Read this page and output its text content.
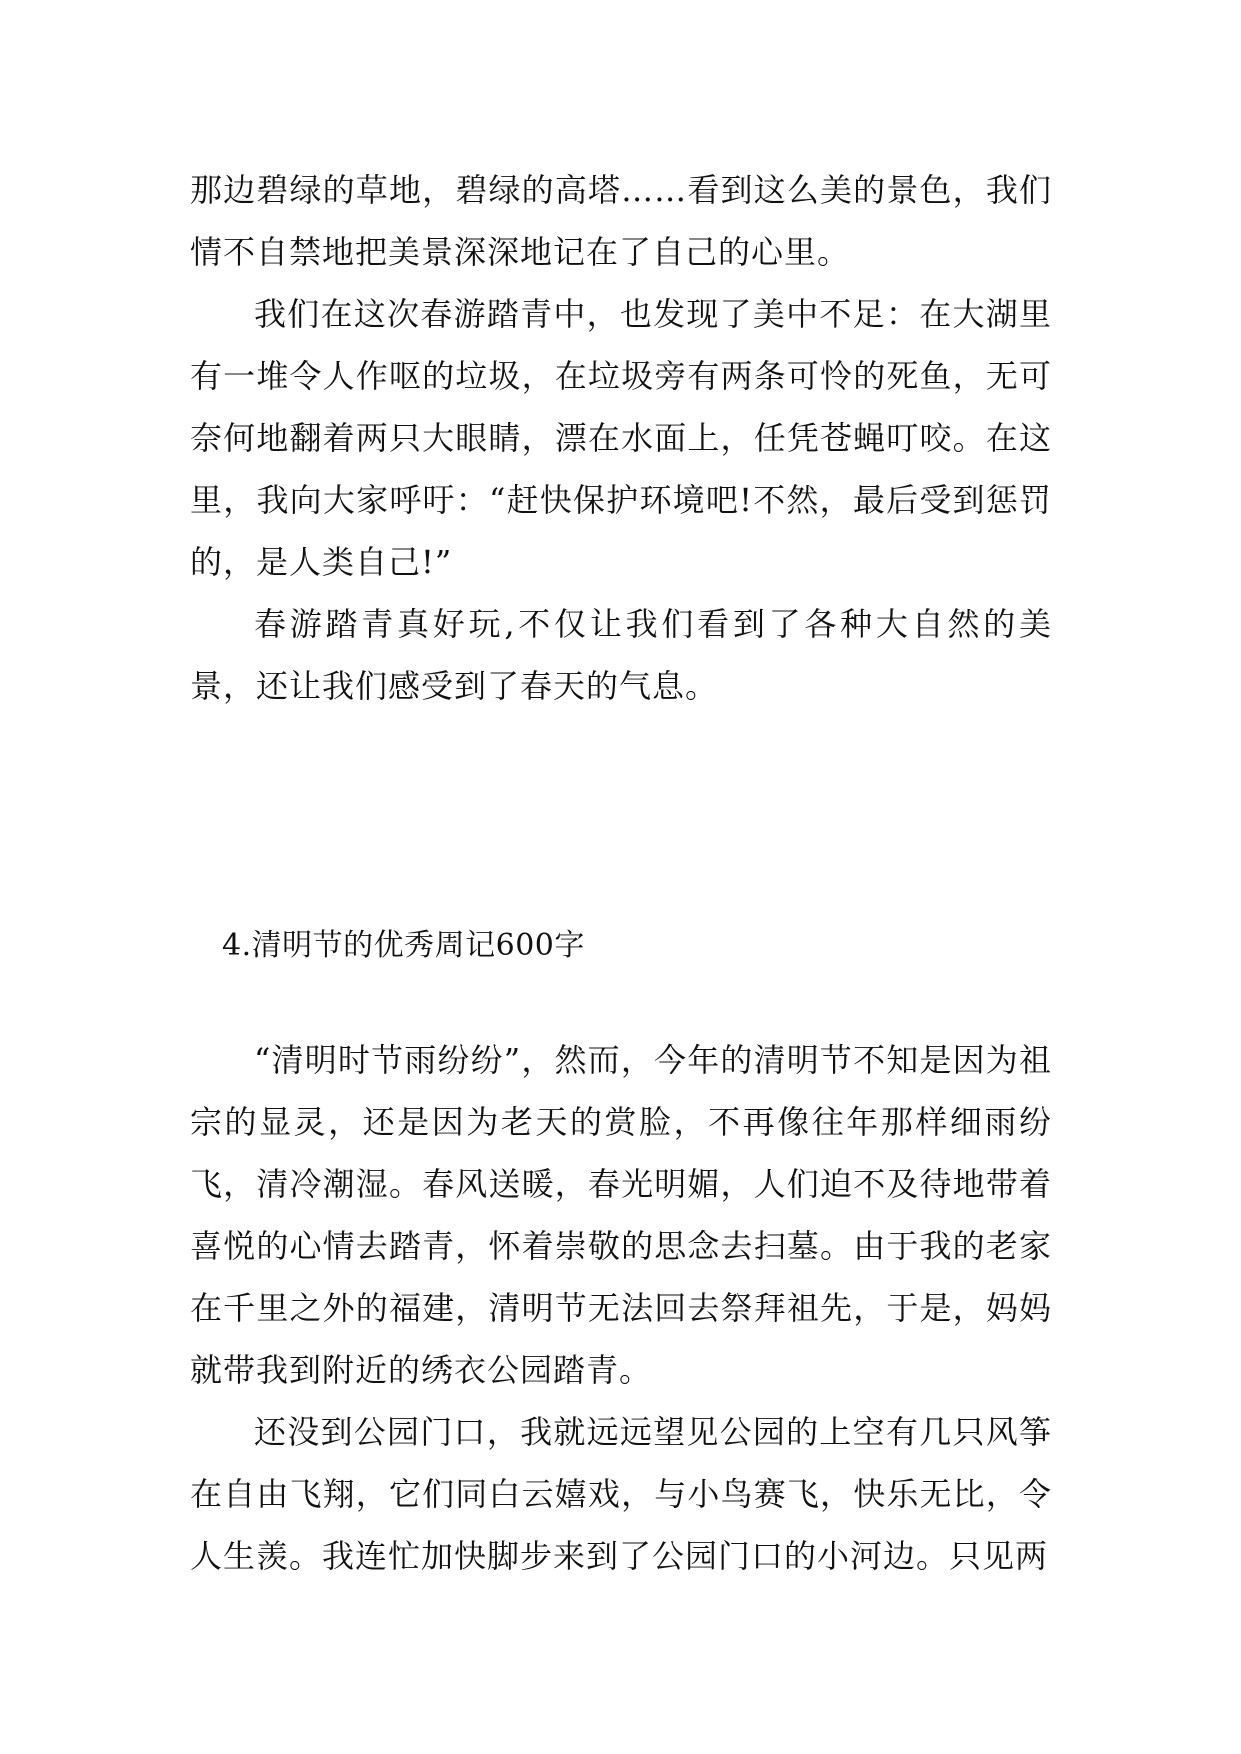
那边碧绿的草地，碧绿的高塔……看到这么美的景色，我们情不自禁地把美景深深地记在了自己的心里。

我们在这次春游踏青中，也发现了美中不足：在大湖里有一堆令人作呕的垃圾，在垃圾旁有两条可怜的死鱼，无可奈何地翻着两只大眼睛，漂在水面上，任凭苍蝇叮咬。在这里，我向大家呼吁：“赶快保护环境吧!不然，最后受到惩罚的，是人类自己!”

春游踏青真好玩,不仅让我们看到了各种大自然的美景，还让我们感受到了春天的气息。

4.清明节的优秀周记600字

“清明时节雨纷纷”，然而，今年的清明节不知是因为祖宗的显灵，还是因为老天的赏脸，不再像往年那样细雨纷飞，清冷潮湿。春风送暖，春光明媚，人们迫不及待地带着喜悦的心情去踏青，怀着崇敬的思念去扫墓。由于我的老家在千里之外的福建，清明节无法回去祭拜祖先，于是，妈妈就带我到附近的绣衣公园踏青。

还没到公园门口，我就远远望见公园的上空有几只风筝在自由飞翔，它们同白云嬉戏，与小鸟赛飞，快乐无比，令人生羡。我连忙加快脚步来到了公园门口的小河边。只见两
